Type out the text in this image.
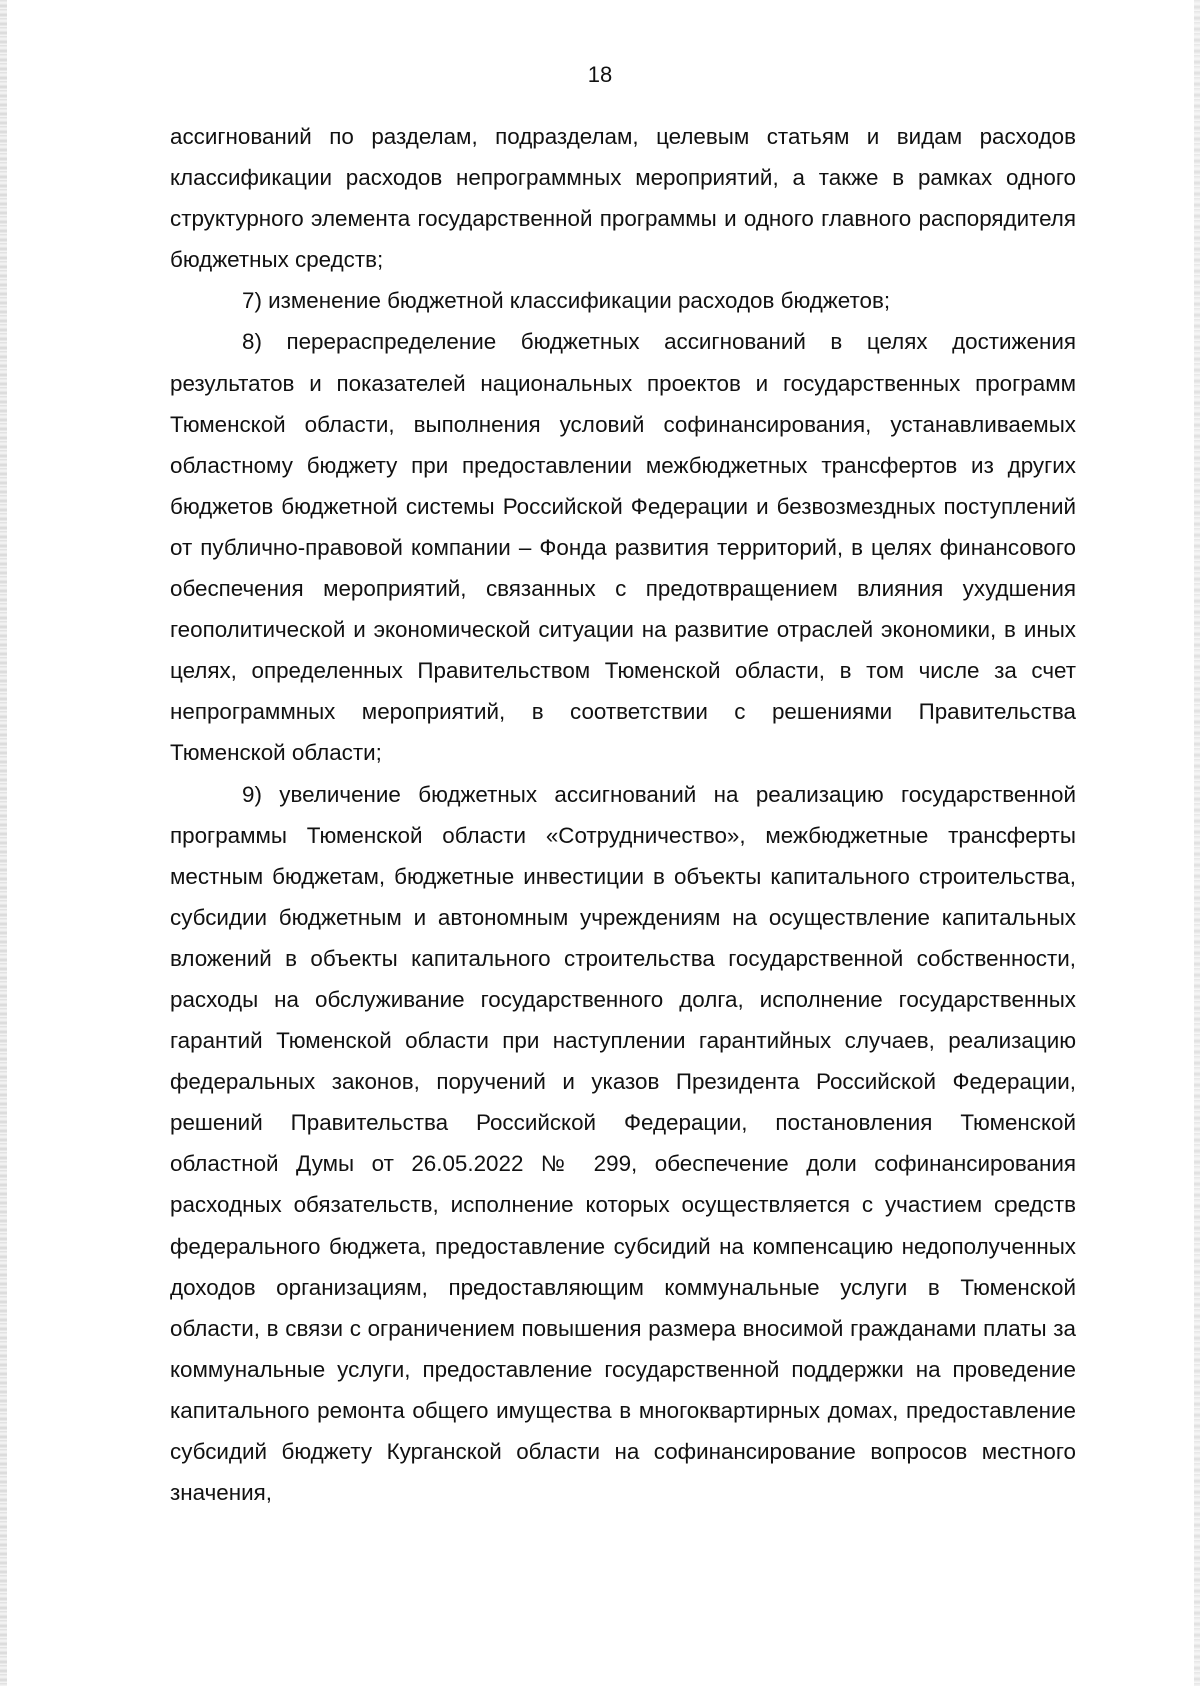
18

ассигнований по разделам, подразделам, целевым статьям и видам расходов классификации расходов непрограммных мероприятий, а также в рамках одного структурного элемента государственной программы и одного главного распорядителя бюджетных средств;

7) изменение бюджетной классификации расходов бюджетов;

8) перераспределение бюджетных ассигнований в целях достижения результатов и показателей национальных проектов и государственных программ Тюменской области, выполнения условий софинансирования, устанавливаемых областному бюджету при предоставлении межбюджетных трансфертов из других бюджетов бюджетной системы Российской Федерации и безвозмездных поступлений от публично-правовой компании – Фонда развития территорий, в целях финансового обеспечения мероприятий, связанных с предотвращением влияния ухудшения геополитической и экономической ситуации на развитие отраслей экономики, в иных целях, определенных Правительством Тюменской области, в том числе за счет непрограммных мероприятий, в соответствии с решениями Правительства Тюменской области;

9) увеличение бюджетных ассигнований на реализацию государственной программы Тюменской области «Сотрудничество», межбюджетные трансферты местным бюджетам, бюджетные инвестиции в объекты капитального строительства, субсидии бюджетным и автономным учреждениям на осуществление капитальных вложений в объекты капитального строительства государственной собственности, расходы на обслуживание государственного долга, исполнение государственных гарантий Тюменской области при наступлении гарантийных случаев, реализацию федеральных законов, поручений и указов Президента Российской Федерации, решений Правительства Российской Федерации, постановления Тюменской областной Думы от 26.05.2022 № 299, обеспечение доли софинансирования расходных обязательств, исполнение которых осуществляется с участием средств федерального бюджета, предоставление субсидий на компенсацию недополученных доходов организациям, предоставляющим коммунальные услуги в Тюменской области, в связи с ограничением повышения размера вносимой гражданами платы за коммунальные услуги, предоставление государственной поддержки на проведение капитального ремонта общего имущества в многоквартирных домах, предоставление субсидий бюджету Курганской области на софинансирование вопросов местного значения,
